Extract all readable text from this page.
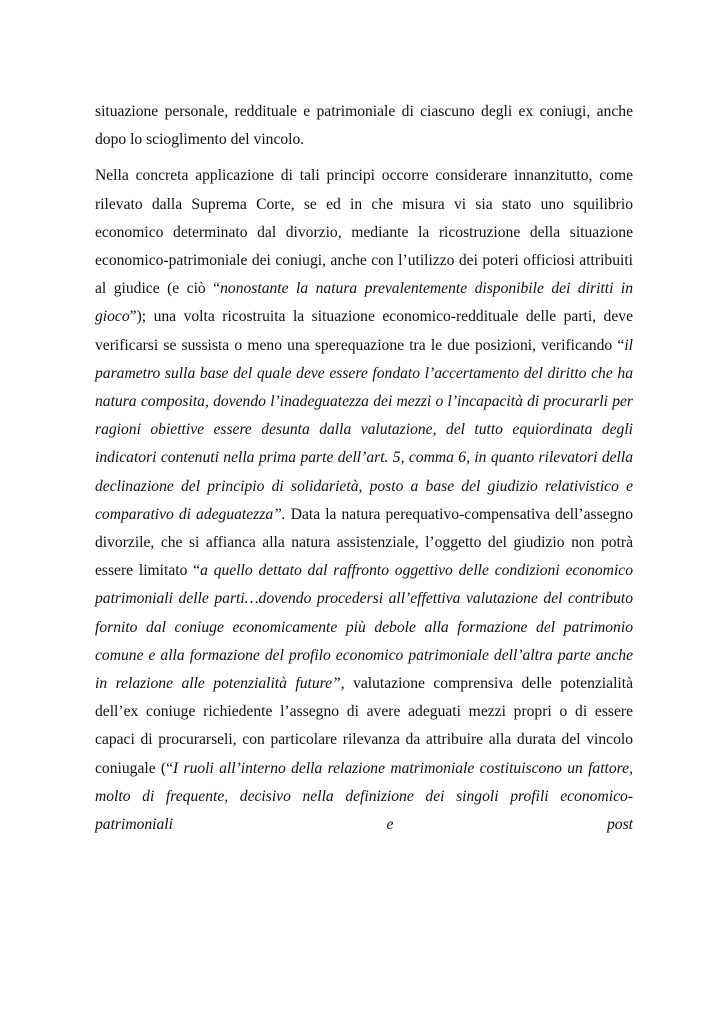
situazione personale, reddituale e patrimoniale di ciascuno degli ex coniugi, anche dopo lo scioglimento del vincolo.

Nella concreta applicazione di tali principi occorre considerare innanzitutto, come rilevato dalla Suprema Corte, se ed in che misura vi sia stato uno squilibrio economico determinato dal divorzio, mediante la ricostruzione della situazione economico-patrimoniale dei coniugi, anche con l’utilizzo dei poteri officiosi attribuiti al giudice (e ciò “nonostante la natura prevalentemente disponibile dei diritti in gioco”); una volta ricostruita la situazione economico-reddituale delle parti, deve verificarsi se sussista o meno una sperequazione tra le due posizioni, verificando “il parametro sulla base del quale deve essere fondato l’accertamento del diritto che ha natura composita, dovendo l’inadeguatezza dei mezzi o l’incapacità di procurarli per ragioni obiettive essere desunta dalla valutazione, del tutto equiordinata degli indicatori contenuti nella prima parte dell’art. 5, comma 6, in quanto rilevatori della declinazione del principio di solidarietà, posto a base del giudizio relativistico e comparativo di adeguatezza”. Data la natura perequativo-compensativa dell’assegno divorzile, che si affianca alla natura assistenziale, l’oggetto del giudizio non potrà essere limitato “a quello dettato dal raffronto oggettivo delle condizioni economico patrimoniali delle parti…dovendo procedersi all’effettiva valutazione del contributo fornito dal coniuge economicamente più debole alla formazione del patrimonio comune e alla formazione del profilo economico patrimoniale dell’altra parte anche in relazione alle potenzialità future”, valutazione comprensiva delle potenzialità dell’ex coniuge richiedente l’assegno di avere adeguati mezzi propri o di essere capaci di procurarseli, con particolare rilevanza da attribuire alla durata del vincolo coniugale (“I ruoli all’interno della relazione matrimoniale costituiscono un fattore, molto di frequente, decisivo nella definizione dei singoli profili economico-patrimoniali e post
